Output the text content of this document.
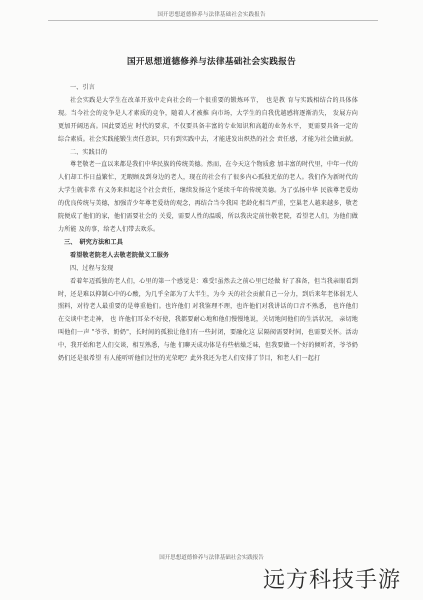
国开思想道德修养与法律基础社会实践报告
国开思想道德修养与法律基础社会实践报告

一、引言

社会实践是大学生在改革开放中走向社会的一个很重要的锻炼环节，　也是教 育与实践相结合的具体体现。当今社会的竞争是人才素质的竞争，随着人才被推 向市场，大学生的自我优越感将逐渐消失， 发展方向更加开阔迅高。国此要适应 时代的要求，不仅要具备丰富的专业知识和高超的业务水平， 更需要具备一定的 综合素质。社会实践能锻生责任意识，只有到实践中去，才能进发出炽热的社会 责任感，才能为社会做贡献。

二、实践目的

尊老敬老一直以来都是我们中华民族的传统美德。然而，在今天这个物质愈 加丰富的时代里，中年一代的人们却工作日益繁忙，无暇顾及到身边的老人，现在的社会有了很多内心孤独无依的老人。我们作为新时代的大学生就非常 有义务来担起这个社会责任，继续发扬这个延续千年的传统美德。为了弘扬中华 民族尊老爱幼的优良传统与美德，加强青少年尊老爱幼的观念，再结合当今我国 老龄化相当严重，空巢老人越来越多，敬老院便成了他们的家，他们需要社会的 关爱，需要人性的温暖，所以我决定前往敬老院，看望老人们，为他们做力所能 及的事，给老人们带去欢乐。

三、　研究方法和工具

看望敬老院老人去敬老院做义工服务

四、过程与发现

看着年迈孤独的老人们，心里的第一个感觉是：难受!虽然去之前心里已经做 好了准备，但当我亲眼看到时，还是难以抑制心中的心酸，为几乎全部为了大半生，为今 天的社会贡献自己一分力，到后来年老体弱无人照料，对待老人最重要的是尊重他们。也许他们 对我鉴理不理，也许他们对我讲话的口音不熟悉， 也许他们在交谈中老走神， 也 许他们耳朵不好使，我都要耐心地和他们慢慢地说，关切地问他们的生活状况， 亲切地叫他们一声 "爷爷、奶奶"，长时间的孤独让他们有一些封闭，要融化这 层隔阂需要时间，也需要关怀。活动中，我开始和老人们交谈，相互熟悉，与他 们聊天成功体是有些枯燥乏味，但我要做一个好的倾听者，爷爷奶奶们还是很希望 有人能听听他们过往的光荣吧？此外我还为老人们安排了节目，和老人们一起打

国开思想道德修养与法律基础社会实践报告
远方科技手游
